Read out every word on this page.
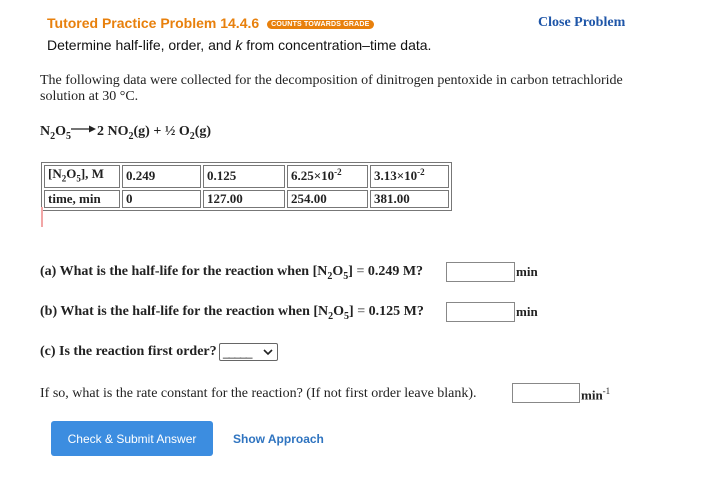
Tutored Practice Problem 14.4.6 COUNTS TOWARDS GRADE
Determine half-life, order, and k from concentration–time data.
Close Problem
The following data were collected for the decomposition of dinitrogen pentoxide in carbon tetrachloride solution at 30 °C.
$N_2O_5 \to 2$ $NO_2(g)$ + ½ $O_2(g)$
$[N_2O_5]$, M	0.249	0.125	$6.25\times 10^{-2}$	$3.13\times 10^{-2}$
time, min	0	127.00	254.00	381.00
(a) What is the half-life for the reaction when $[N_2O_5] = 0.249$ M?	min
(b) What is the half-life for the reaction when $[N_2O_5] = 0.125$ M?	min
(c) Is the reaction first order? _____
If so, what is the rate constant for the reaction? (If not first order leave blank).	$\min^{-1}$
Check & Submit Answer	Show Approach
